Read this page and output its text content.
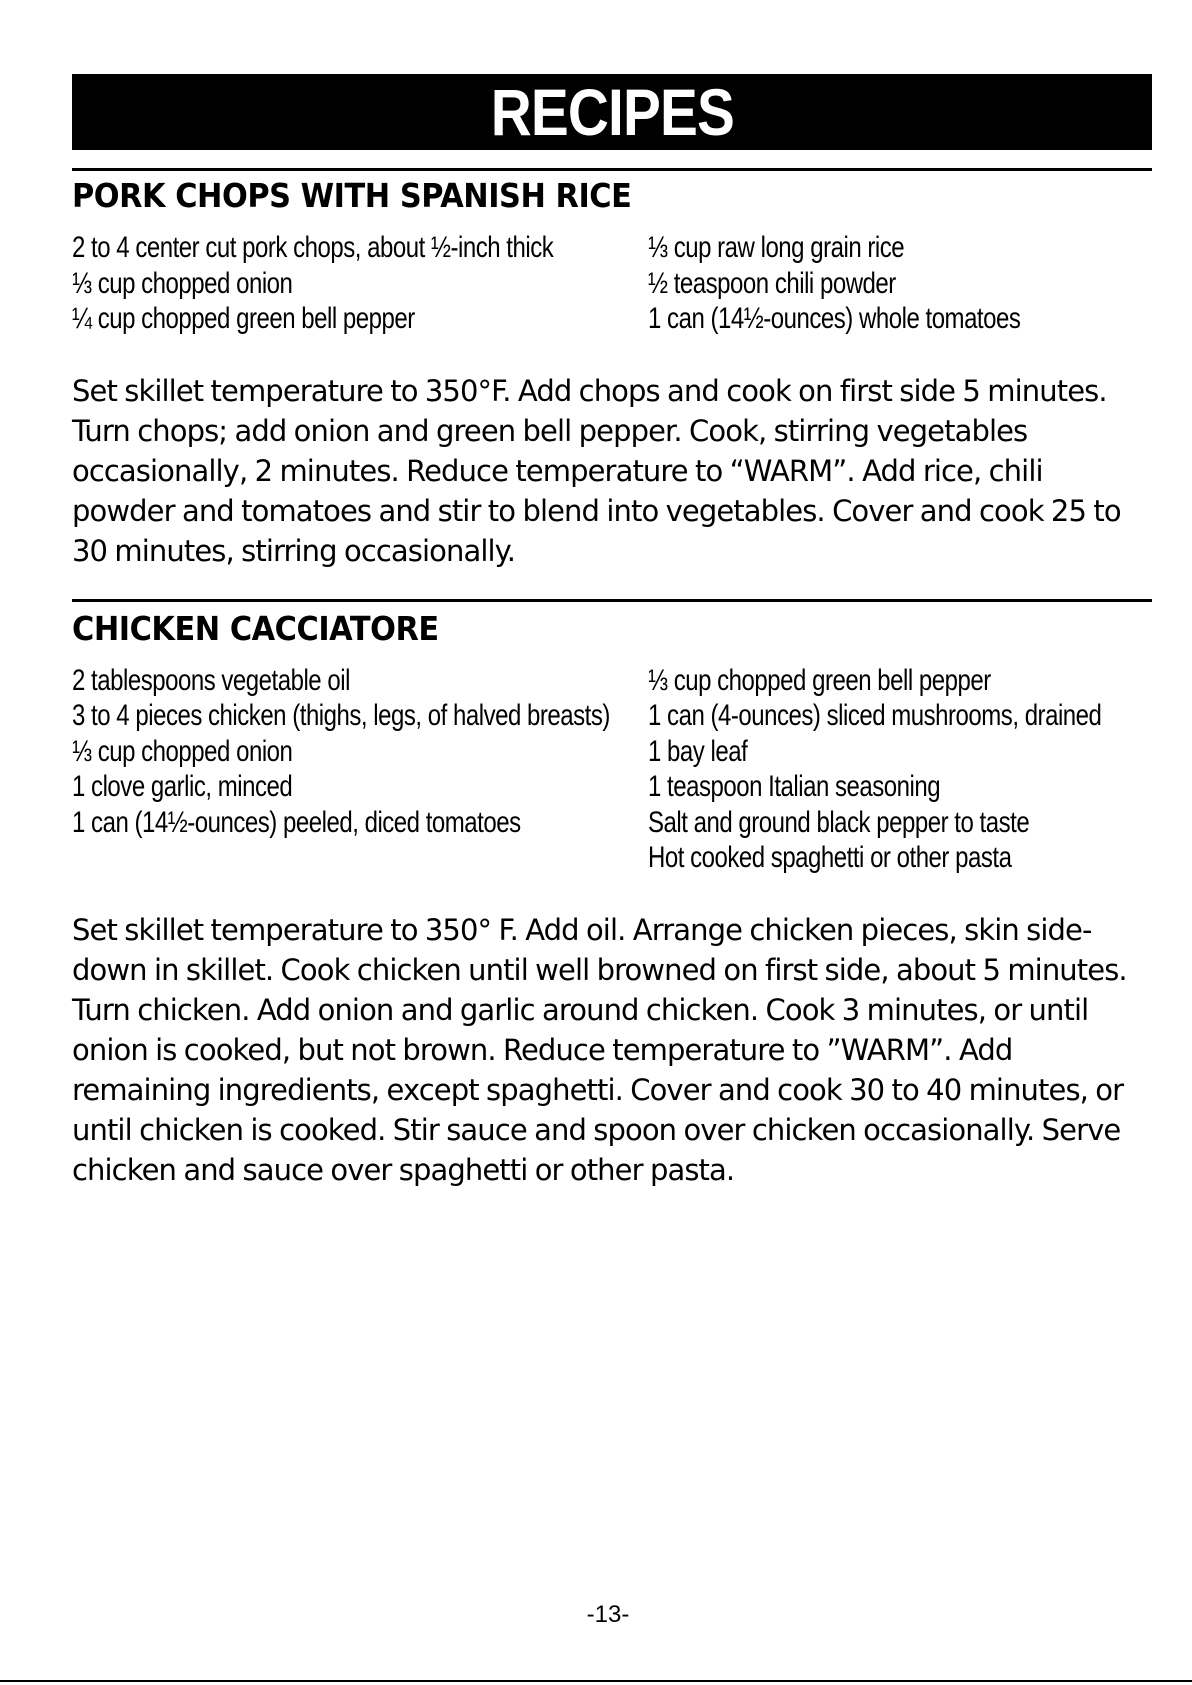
RECIPES
PORK CHOPS WITH SPANISH RICE
2 to 4 center cut pork chops, about ½-inch thick
⅓ cup chopped onion
¼ cup chopped green bell pepper
⅓ cup raw long grain rice
½ teaspoon chili powder
1 can (14½-ounces) whole tomatoes

Set skillet temperature to 350°F. Add chops and cook on first side 5 minutes. Turn chops; add onion and green bell pepper. Cook, stirring vegetables occasionally, 2 minutes. Reduce temperature to “WARM”. Add rice, chili powder and tomatoes and stir to blend into vegetables. Cover and cook 25 to 30 minutes, stirring occasionally.

CHICKEN CACCIATORE
2 tablespoons vegetable oil
3 to 4 pieces chicken (thighs, legs, of halved breasts)
⅓ cup chopped onion
1 clove garlic, minced
1 can (14½-ounces) peeled, diced tomatoes
⅓ cup chopped green bell pepper
1 can (4-ounces) sliced mushrooms, drained
1 bay leaf
1 teaspoon Italian seasoning
Salt and ground black pepper to taste
Hot cooked spaghetti or other pasta

Set skillet temperature to 350° F. Add oil. Arrange chicken pieces, skin side-down in skillet. Cook chicken until well browned on first side, about 5 minutes. Turn chicken. Add onion and garlic around chicken. Cook 3 minutes, or until onion is cooked, but not brown. Reduce temperature to ”WARM”. Add remaining ingredients, except spaghetti. Cover and cook 30 to 40 minutes, or until chicken is cooked. Stir sauce and spoon over chicken occasionally. Serve chicken and sauce over spaghetti or other pasta.

-13-
